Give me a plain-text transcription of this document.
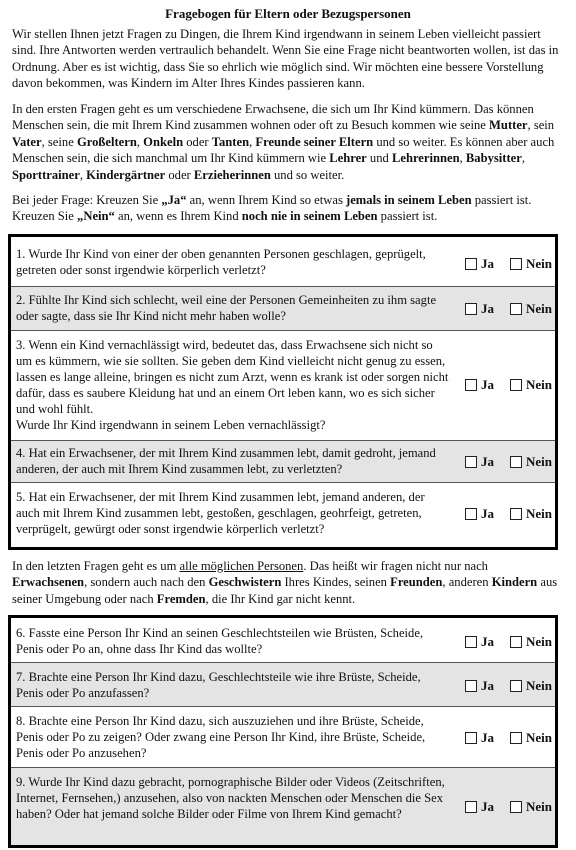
Fragebogen für Eltern oder Bezugspersonen
Wir stellen Ihnen jetzt Fragen zu Dingen, die Ihrem Kind irgendwann in seinem Leben vielleicht passiert sind. Ihre Antworten werden vertraulich behandelt. Wenn Sie eine Frage nicht beantworten wollen, ist das in Ordnung. Aber es ist wichtig, dass Sie so ehrlich wie möglich sind. Wir möchten eine bessere Vorstellung davon bekommen, was Kindern im Alter Ihres Kindes passieren kann.
In den ersten Fragen geht es um verschiedene Erwachsene, die sich um Ihr Kind kümmern. Das können Menschen sein, die mit Ihrem Kind zusammen wohnen oder oft zu Besuch kommen wie seine Mutter, sein Vater, seine Großeltern, Onkeln oder Tanten, Freunde seiner Eltern und so weiter. Es können aber auch Menschen sein, die sich manchmal um Ihr Kind kümmern wie Lehrer und Lehrerinnen, Babysitter, Sporttrainer, Kindergärtner oder Erzieherinnen und so weiter.
Bei jeder Frage: Kreuzen Sie „Ja“ an, wenn Ihrem Kind so etwas jemals in seinem Leben passiert ist. Kreuzen Sie „Nein“ an, wenn es Ihrem Kind noch nie in seinem Leben passiert ist.
1. Wurde Ihr Kind von einer der oben genannten Personen geschlagen, geprügelt, getreten oder sonst irgendwie körperlich verletzt?	Ja Nein
2. Fühlte Ihr Kind sich schlecht, weil eine der Personen Gemeinheiten zu ihm sagte oder sagte, dass sie Ihr Kind nicht mehr haben wolle?	Ja Nein
3. Wenn ein Kind vernachlässigt wird, bedeutet das, dass Erwachsene sich nicht so um es kümmern, wie sie sollten. Sie geben dem Kind vielleicht nicht genug zu essen, lassen es lange alleine, bringen es nicht zum Arzt, wenn es krank ist oder sorgen nicht dafür, dass es saubere Kleidung hat und an einem Ort leben kann, wo es sich sicher und wohl fühlt.
Wurde Ihr Kind irgendwann in seinem Leben vernachlässigt?
Ja Nein
4. Hat ein Erwachsener, der mit Ihrem Kind zusammen lebt, damit gedroht, jemand anderen, der auch mit Ihrem Kind zusammen lebt, zu verletzten?	Ja Nein
5. Hat ein Erwachsener, der mit Ihrem Kind zusammen lebt, jemand anderen, der auch mit Ihrem Kind zusammen lebt, gestoßen, geschlagen, geohrfeigt, getreten, verprügelt, gewürgt oder sonst irgendwie körperlich verletzt?
Ja Nein
In den letzten Fragen geht es um alle möglichen Personen. Das heißt wir fragen nicht nur nach Erwachsenen, sondern auch nach den Geschwistern Ihres Kindes, seinen Freunden, anderen Kindern aus seiner Umgebung oder nach Fremden, die Ihr Kind gar nicht kennt.
6. Fasste eine Person Ihr Kind an seinen Geschlechtsteilen wie Brüsten, Scheide, Penis oder Po an, ohne dass Ihr Kind das wollte?	Ja Nein
7. Brachte eine Person Ihr Kind dazu, Geschlechtsteile wie ihre Brüste, Scheide, Penis oder Po anzufassen?	Ja Nein
8. Brachte eine Person Ihr Kind dazu, sich auszuziehen und ihre Brüste, Scheide, Penis oder Po zu zeigen? Oder zwang eine Person Ihr Kind, ihre Brüste, Scheide, Penis oder Po anzusehen?
Ja Nein
9. Wurde Ihr Kind dazu gebracht, pornographische Bilder oder Videos (Zeitschriften, Internet, Fernsehen,) anzusehen, also von nackten Menschen oder Menschen die Sex haben? Oder hat jemand solche Bilder oder Filme von Ihrem Kind gemacht?	Ja Nein
